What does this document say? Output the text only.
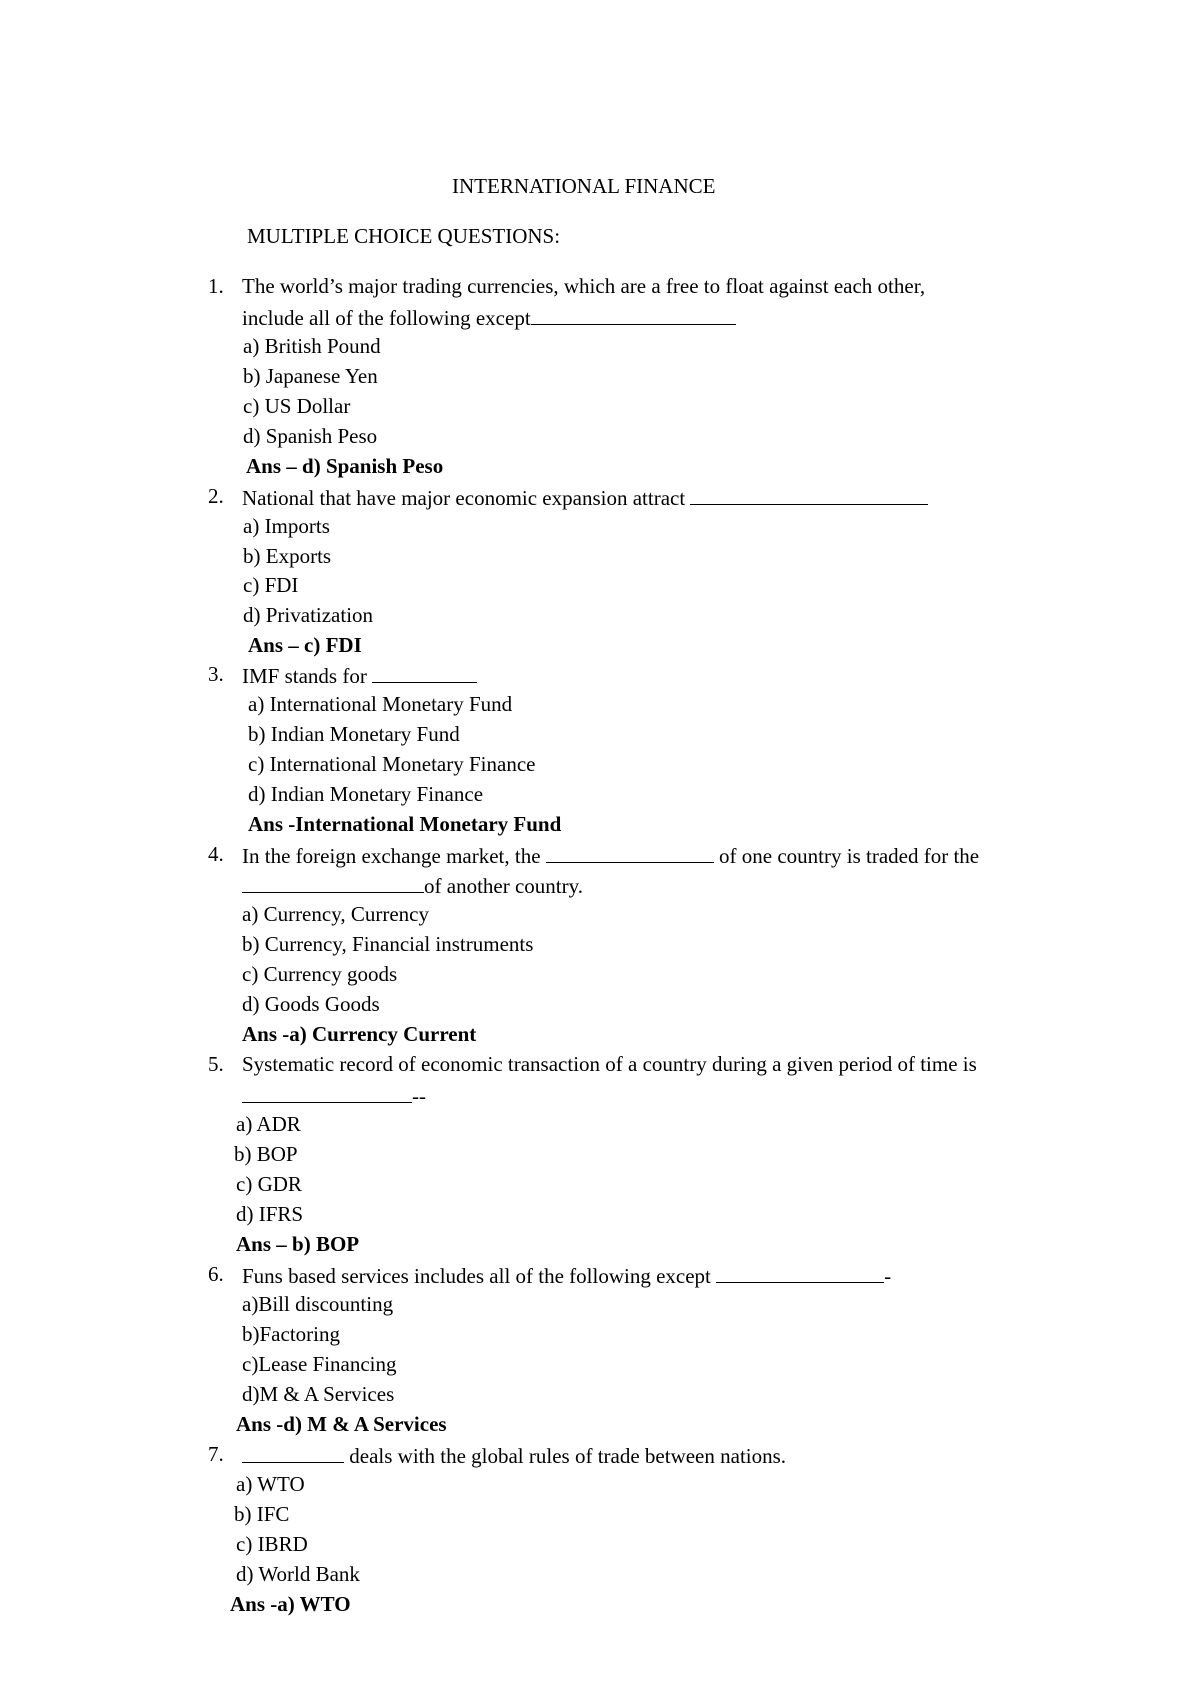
INTERNATIONAL FINANCE
MULTIPLE CHOICE QUESTIONS:
1. The world’s major trading currencies, which are a free to float against each other,
include all of the following except
a) British Pound
b) Japanese Yen
c) US Dollar
d) Spanish Peso
Ans – d) Spanish Peso
2. National that have major economic expansion attract
a) Imports
b) Exports
c) FDI
d) Privatization
Ans – c) FDI
3. IMF stands for
a) International Monetary Fund
b) Indian Monetary Fund
c) International Monetary Finance
d) Indian Monetary Finance
Ans -International Monetary Fund
4. In the foreign exchange market, the	of one country is traded for the
of another country.
a) Currency, Currency
b) Currency, Financial instruments
c) Currency goods
d) Goods Goods
Ans -a) Currency Current
5. Systematic record of economic transaction of a country during a given period of time is
--
a) ADR
b) BOP
c) GDR
d) IFRS
Ans – b) BOP
6. Funs based services includes all of the following except	-
a)Bill discounting
b)Factoring
c)Lease Financing
d)M & A Services
Ans -d) M & A Services
7.	deals with the global rules of trade between nations.
a) WTO
b) IFC
c) IBRD
d) World Bank
Ans -a) WTO
